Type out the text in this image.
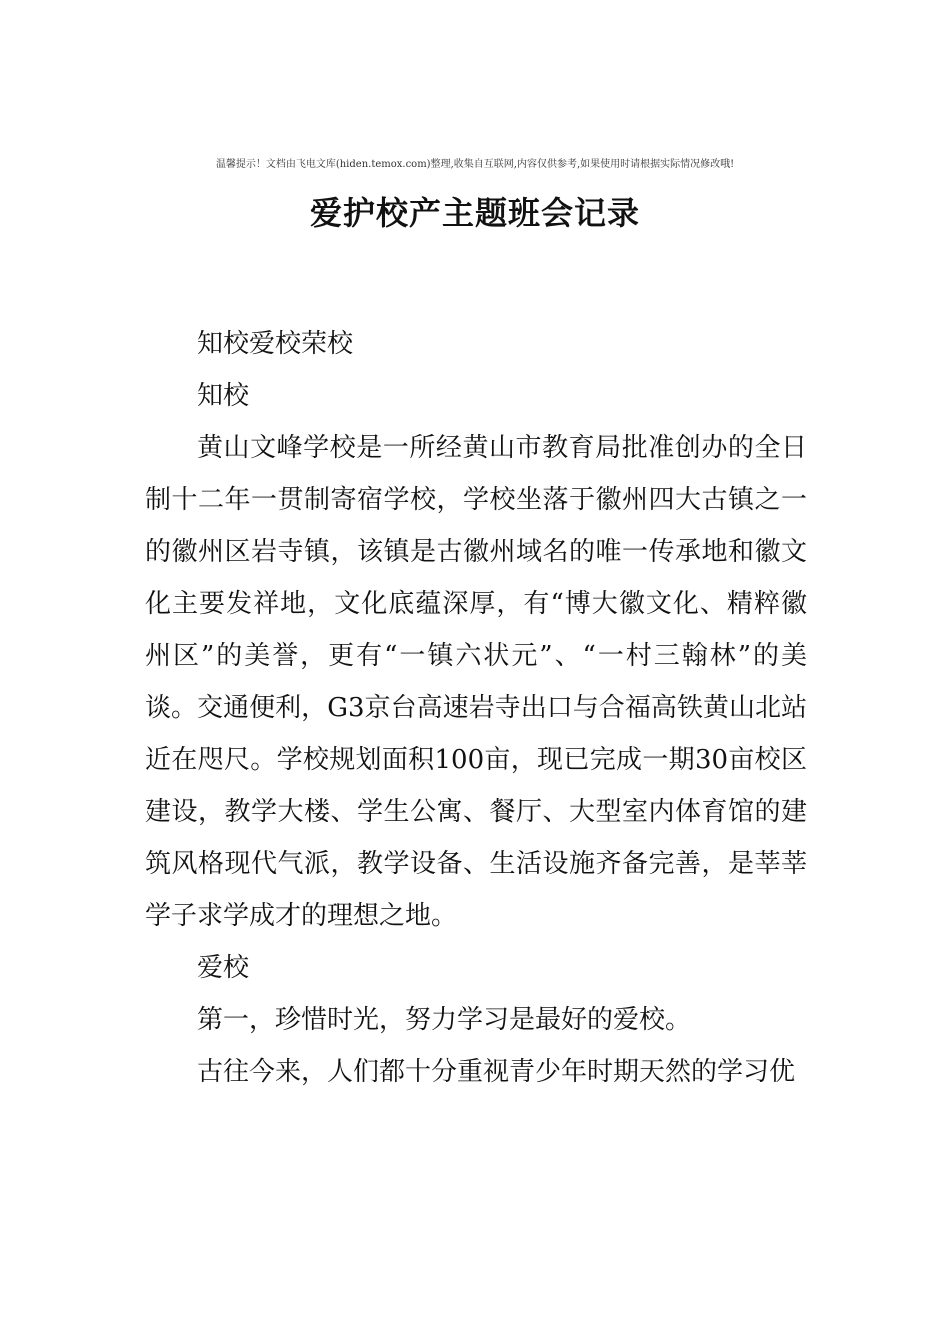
温馨提示！文档由飞电文库(hiden.temox.com)整理,收集自互联网,内容仅供参考,如果使用时请根据实际情况修改哦!
爱护校产主题班会记录

知校爱校荣校

知校

黄山文峰学校是一所经黄山市教育局批准创办的全日制十二年一贯制寄宿学校，学校坐落于徽州四大古镇之一的徽州区岩寺镇，该镇是古徽州域名的唯一传承地和徽文化主要发祥地，文化底蕴深厚，有“博大徽文化、精粹徽州区”的美誉，更有“一镇六状元”、“一村三翰林”的美谈。交通便利，G3京台高速岩寺出口与合福高铁黄山北站近在咫尺。学校规划面积100亩，现已完成一期30亩校区建设，教学大楼、学生公寓、餐厅、大型室内体育馆的建筑风格现代气派，教学设备、生活设施齐备完善，是莘莘学子求学成才的理想之地。

爱校

第一，珍惜时光，努力学习是最好的爱校。

古往今来，人们都十分重视青少年时期天然的学习优
